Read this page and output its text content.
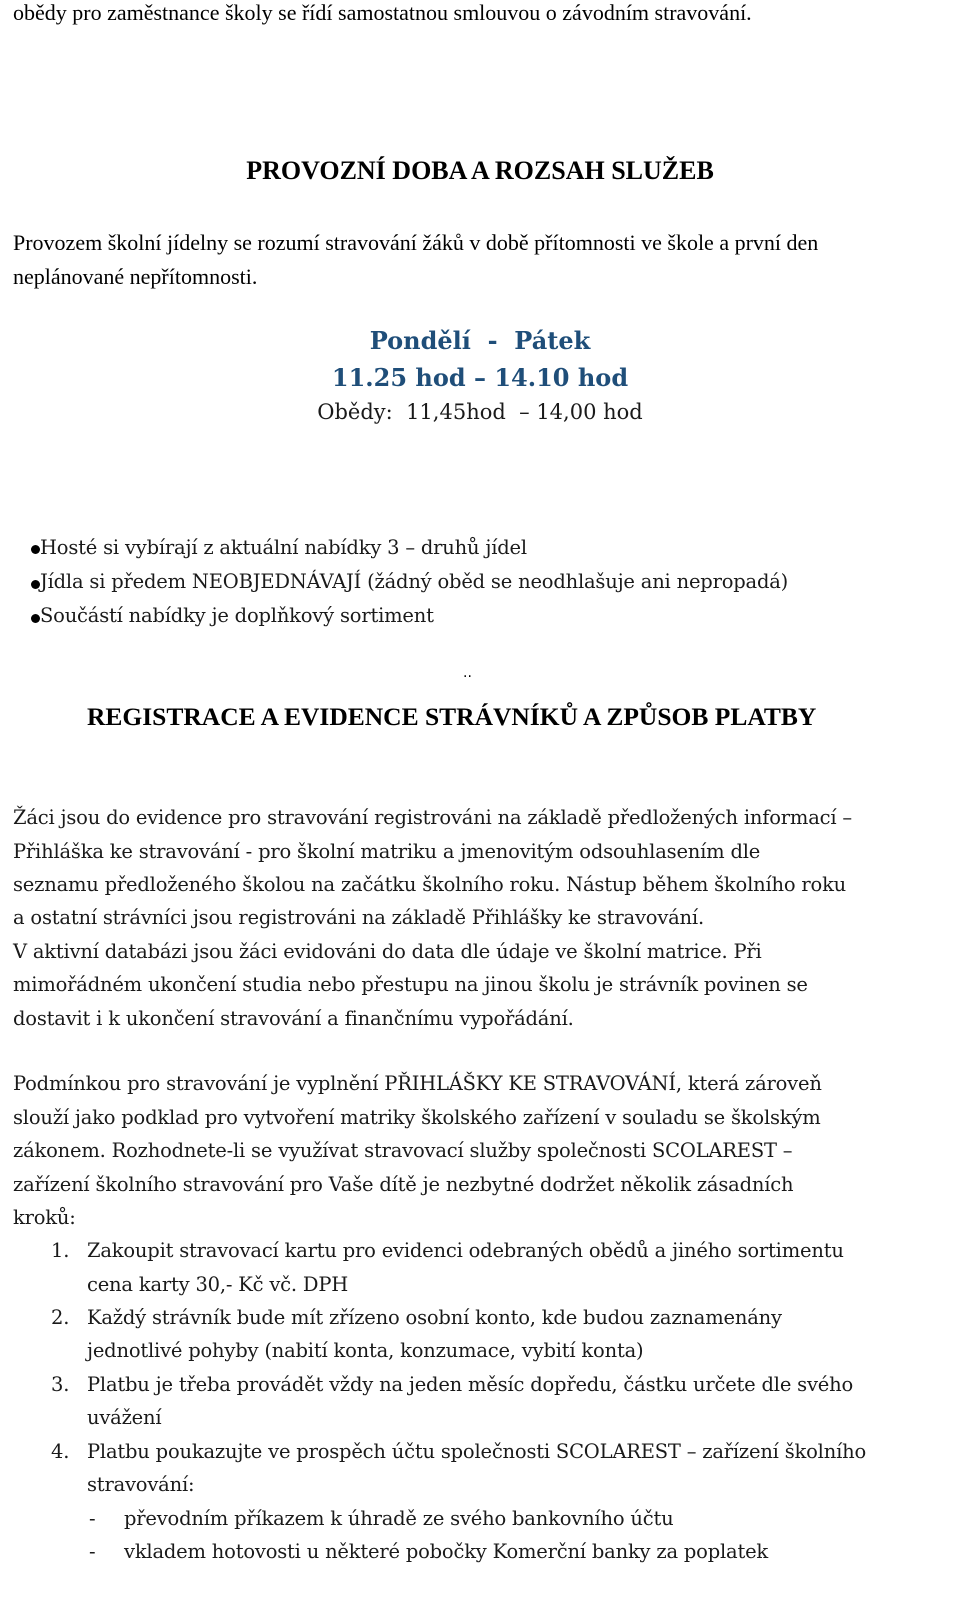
obědy pro zaměstnance školy se řídí samostatnou smlouvou o závodním stravování.
PROVOZNÍ DOBA A ROZSAH SLUŽEB
Provozem školní jídelny se rozumí stravování žáků v době přítomnosti ve škole a první den
neplánované nepřítomnosti.
Pondělí  -  Pátek
11.25 hod – 14.10 hod
Obědy:  11,45hod  – 14,00 hod
Hosté si vybírají z aktuální nabídky 3 – druhů jídel
Jídla si předem NEOBJEDNÁVAJÍ (žádný oběd se neodhlašuje ani nepropadá)
Součástí nabídky je doplňkový sortiment
..
REGISTRACE A EVIDENCE STRÁVNÍKŮ A ZPŮSOB PLATBY
Žáci jsou do evidence pro stravování registrováni na základě předložených informací –
Přihláška ke stravování - pro školní matriku a jmenovitým odsouhlasením dle
seznamu předloženého školou na začátku školního roku. Nástup během školního roku
a ostatní strávníci jsou registrováni na základě Přihlášky ke stravování.
V aktivní databázi jsou žáci evidováni do data dle údaje ve školní matrice. Při
mimořádném ukončení studia nebo přestupu na jinou školu je strávník povinen se
dostavit i k ukončení stravování a finančnímu vypořádání.
Podmínkou pro stravování je vyplnění PŘIHLÁŠKY KE STRAVOVÁNÍ, která zároveň
slouží jako podklad pro vytvoření matriky školského zařízení v souladu se školským
zákonem. Rozhodnete-li se využívat stravovací služby společnosti SCOLAREST –
zařízení školního stravování pro Vaše dítě je nezbytné dodržet několik zásadních
kroků:
1. Zakoupit stravovací kartu pro evidenci odebraných obědů a jiného sortimentu
cena karty 30,- Kč vč. DPH
2. Každý strávník bude mít zřízeno osobní konto, kde budou zaznamenány
jednotlivé pohyby (nabití konta, konzumace, vybití konta)
3. Platbu je třeba provádět vždy na jeden měsíc dopředu, částku určete dle svého
uvážení
4. Platbu poukazujte ve prospěch účtu společnosti SCOLAREST – zařízení školního
stravování:
- převodním příkazem k úhradě ze svého bankovního účtu
- vkladem hotovosti u některé pobočky Komerční banky za poplatek
